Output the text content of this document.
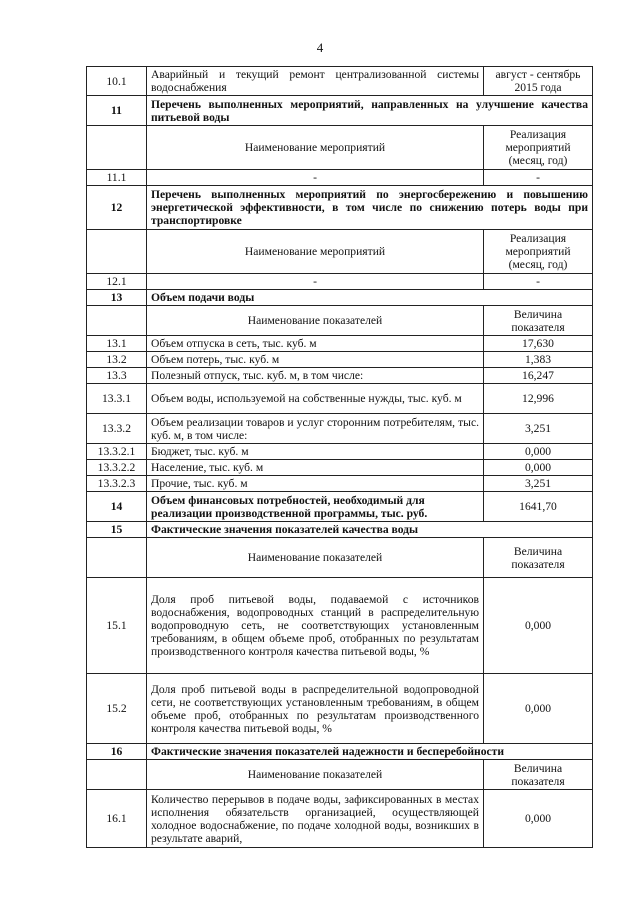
4
10.1	Аварийный и текущий ремонт централизованной системы водоснабжения	август - сентябрь 2015 года
11	Перечень выполненных мероприятий, направленных на улучшение качества питьевой воды	
	Наименование мероприятий	Реализация мероприятий (месяц, год)
11.1	-	-
12	Перечень выполненных мероприятий по энергосбережению и повышению энергетической эффективности, в том числе по снижению потерь воды при транспортировке	
	Наименование мероприятий	Реализация мероприятий (месяц, год)
12.1	-	-
13	Объем подачи воды	
	Наименование показателей	Величина показателя
13.1	Объем отпуска в сеть, тыс. куб. м	17,630
13.2	Объем потерь, тыс. куб. м	1,383
13.3	Полезный отпуск, тыс. куб. м, в том числе:	16,247
13.3.1	Объем воды, используемой на собственные нужды, тыс. куб. м	12,996
13.3.2	Объем реализации товаров и услуг сторонним потребителям, тыс. куб. м, в том числе:	3,251
13.3.2.1	Бюджет, тыс. куб. м	0,000
13.3.2.2	Население, тыс. куб. м	0,000
13.3.2.3	Прочие, тыс. куб. м	3,251
14	Объем финансовых потребностей, необходимый для реализации производственной программы, тыс. руб.	1641,70
15	Фактические значения показателей качества воды	
	Наименование показателей	Величина показателя
15.1	Доля проб питьевой воды, подаваемой с источников водоснабжения, водопроводных станций в распределительную водопроводную сеть, не соответствующих установленным требованиям, в общем объеме проб, отобранных по результатам производственного контроля качества питьевой воды, %	0,000
15.2	Доля проб питьевой воды в распределительной водопроводной сети, не соответствующих установленным требованиям, в общем объеме проб, отобранных по результатам производственного контроля качества питьевой воды, %	0,000
16	Фактические значения показателей надежности и бесперебойности	
	Наименование показателей	Величина показателя
16.1	Количество перерывов в подаче воды, зафиксированных в местах исполнения обязательств организацией, осуществляющей холодное водоснабжение, по подаче холодной воды, возникших в результате аварий,	0,000
